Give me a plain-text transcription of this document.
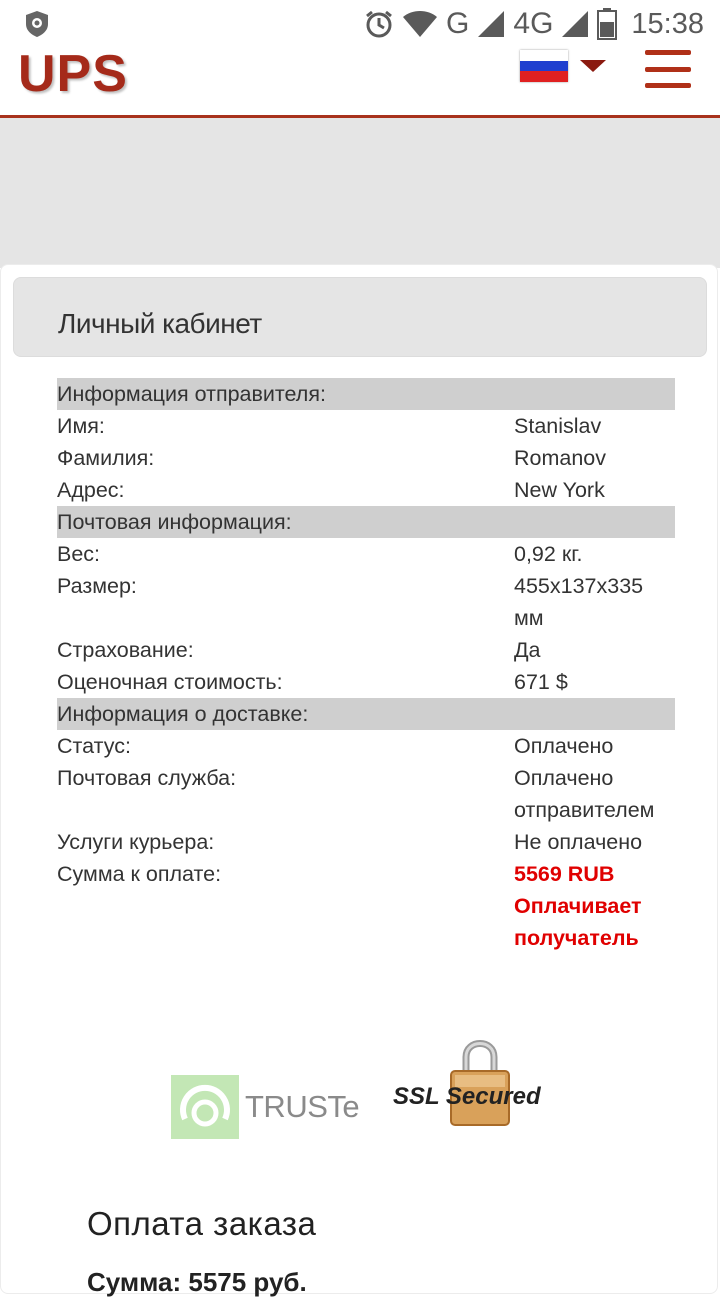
G 4G	15:38
UPS
Личный кабинет
Информация отправителя:
Имя:	Stanislav
Фамилия:	Romanov
Адрес:	New York
Почтовая информация:
Вес:	0,92 кг.
Размер:	455x137x335 мм
Страхование:	Да
Оценочная стоимость:	671 $
Информация о доставке:
Статус:	Оплачено
Почтовая служба:	Оплачено отправителем
Услуги курьера:	Не оплачено
Сумма к оплате:	5569 RUB
Оплачивает получатель
TRUSTe SSL Secured
Оплата заказа
Сумма: 5575 руб.
